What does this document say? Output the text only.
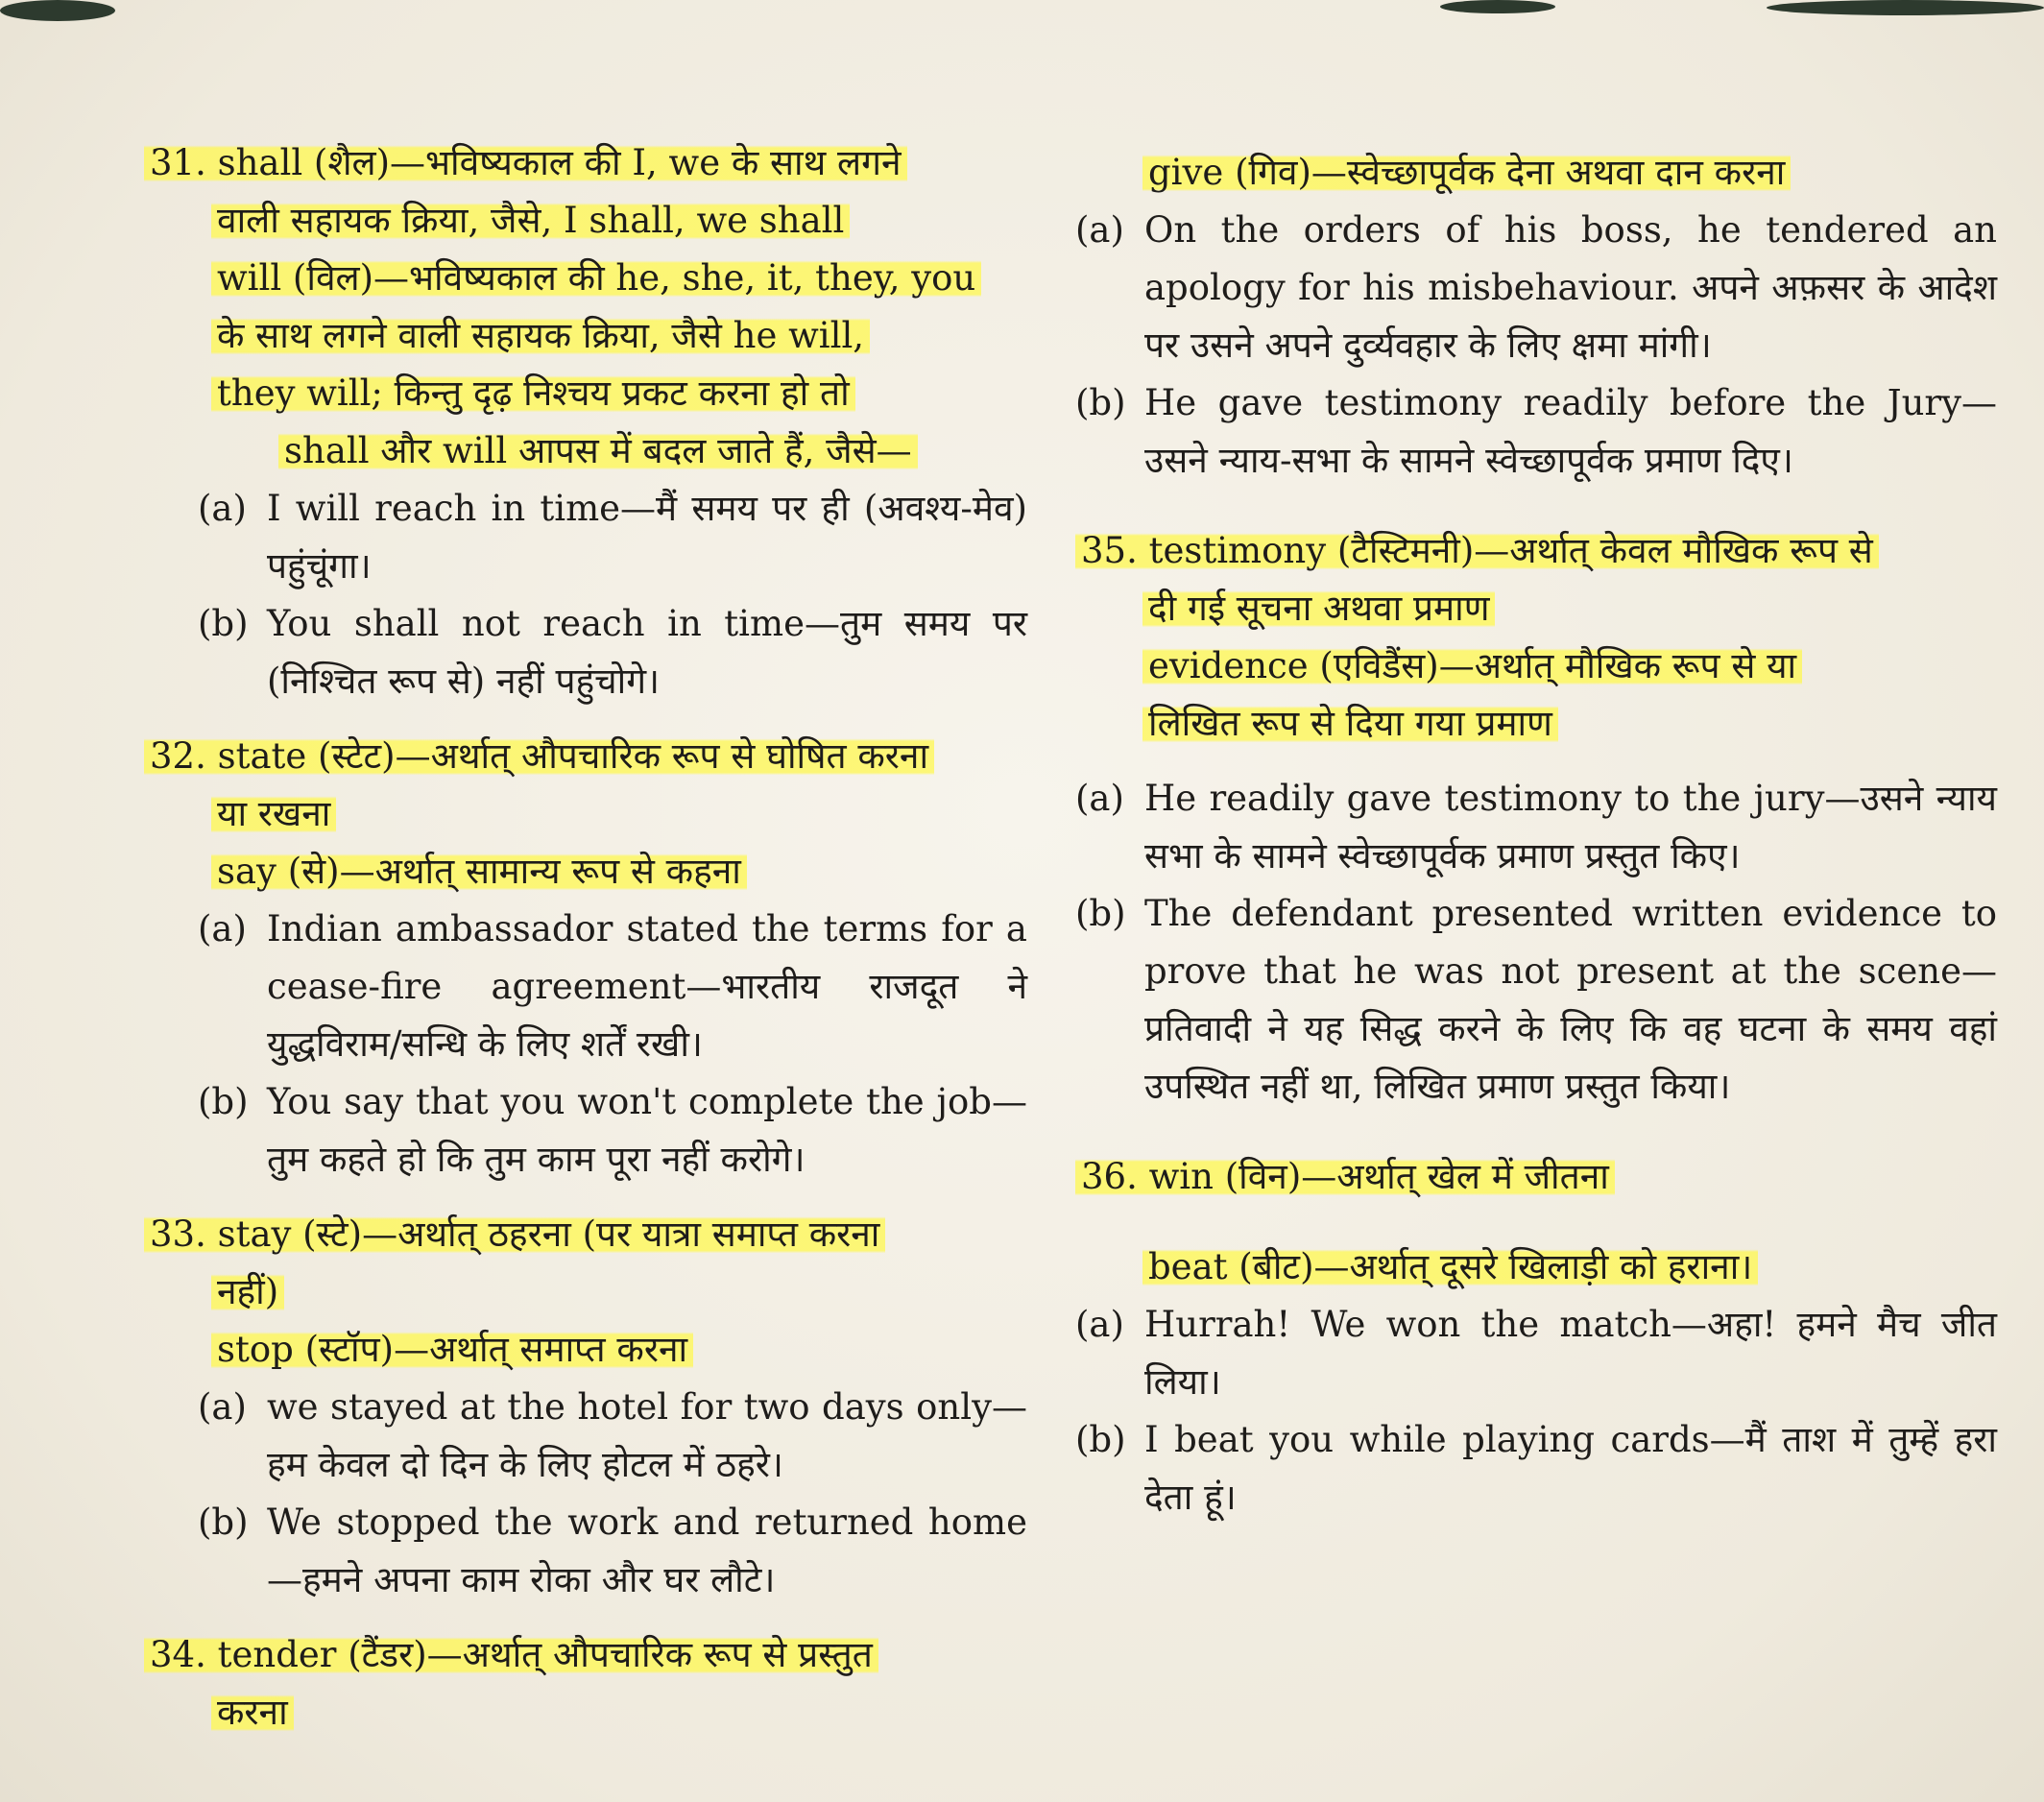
31. shall (शैल)—भविष्यकाल की I, we के साथ लगने
वाली सहायक क्रिया, जैसे, I shall, we shall
will (विल)—भविष्यकाल की he, she, it, they, you
के साथ लगने वाली सहायक क्रिया, जैसे he will,
they will; किन्तु दृढ़ निश्चय प्रकट करना हो तो
shall और will आपस में बदल जाते हैं, जैसे—
(a) I will reach in time—मैं समय पर ही (अवश्य-मेव) पहुंचूंगा।
(b) You shall not reach in time—तुम समय पर (निश्चित रूप से) नहीं पहुंचोगे।
32. state (स्टेट)—अर्थात् औपचारिक रूप से घोषित करना
या रखना
say (से)—अर्थात् सामान्य रूप से कहना
(a) Indian ambassador stated the terms for a cease-fire agreement—भारतीय राजदूत ने युद्धविराम/सन्धि के लिए शर्तें रखी।
(b) You say that you won't complete the job—तुम कहते हो कि तुम काम पूरा नहीं करोगे।
33. stay (स्टे)—अर्थात् ठहरना (पर यात्रा समाप्त करना
नहीं)
stop (स्टॉप)—अर्थात् समाप्त करना
(a) we stayed at the hotel for two days only—हम केवल दो दिन के लिए होटल में ठहरे।
(b) We stopped the work and returned home—हमने अपना काम रोका और घर लौटे।
34. tender (टैंडर)—अर्थात् औपचारिक रूप से प्रस्तुत
करना
give (गिव)—स्वेच्छापूर्वक देना अथवा दान करना
(a) On the orders of his boss, he tendered an apology for his misbehaviour. अपने अफ़सर के आदेश पर उसने अपने दुर्व्यवहार के लिए क्षमा मांगी।
(b) He gave testimony readily before the Jury—उसने न्याय-सभा के सामने स्वेच्छापूर्वक प्रमाण दिए।
35. testimony (टैस्टिमनी)—अर्थात् केवल मौखिक रूप से
दी गई सूचना अथवा प्रमाण
evidence (एविडैंस)—अर्थात् मौखिक रूप से या
लिखित रूप से दिया गया प्रमाण
(a) He readily gave testimony to the jury—उसने न्याय सभा के सामने स्वेच्छापूर्वक प्रमाण प्रस्तुत किए।
(b) The defendant presented written evidence to prove that he was not present at the scene—प्रतिवादी ने यह सिद्ध करने के लिए कि वह घटना के समय वहां उपस्थित नहीं था, लिखित प्रमाण प्रस्तुत किया।
36. win (विन)—अर्थात् खेल में जीतना
beat (बीट)—अर्थात् दूसरे खिलाड़ी को हराना।
(a) Hurrah! We won the match—अहा! हमने मैच जीत लिया।
(b) I beat you while playing cards—मैं ताश में तुम्हें हरा देता हूं।
